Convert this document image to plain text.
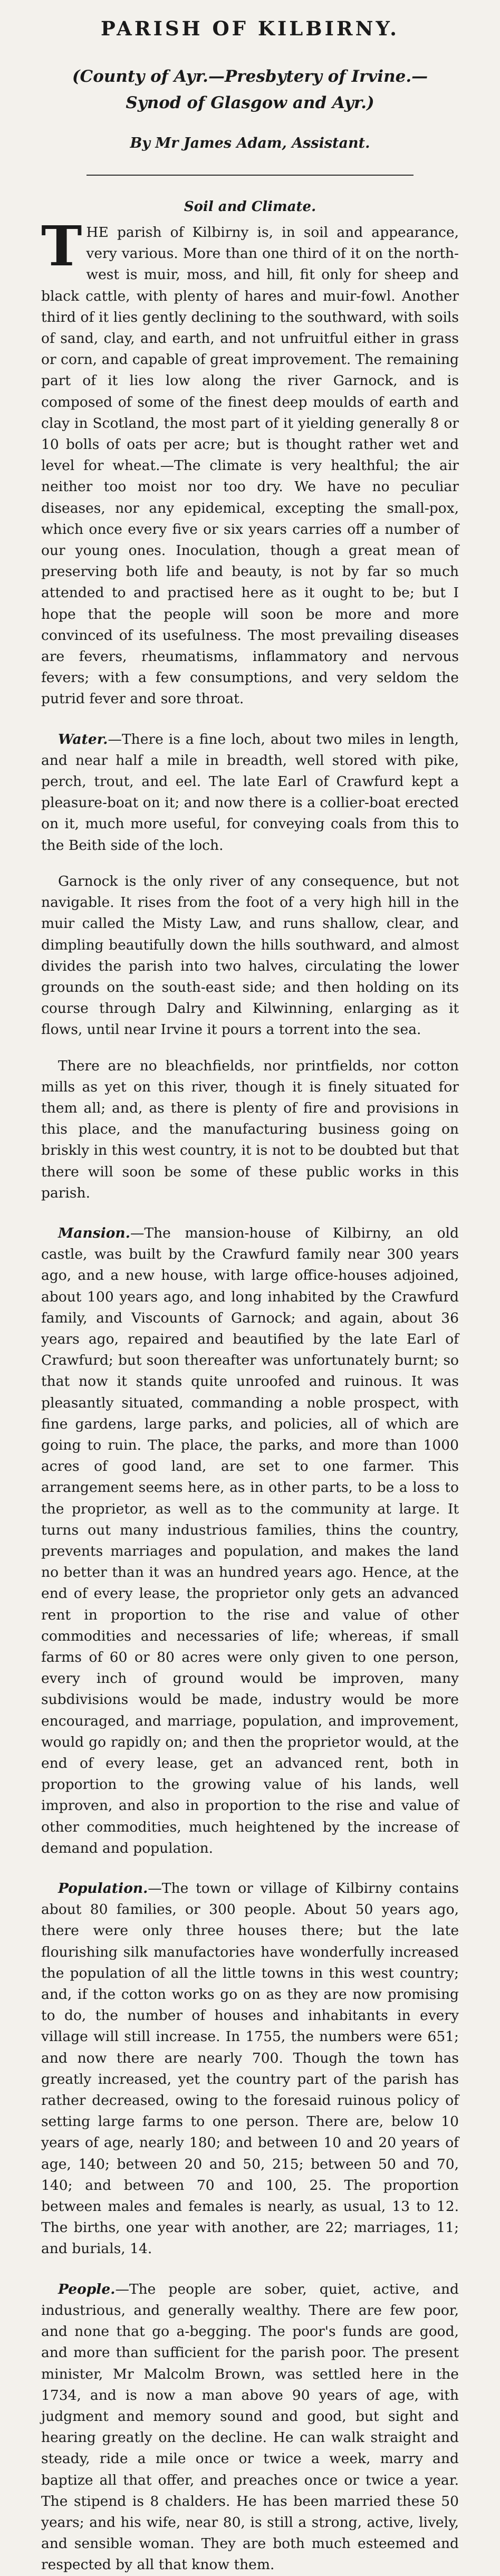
PARISH OF KILBIRNY.
(County of Ayr.—Presbytery of Irvine.—Synod of Glasgow and Ayr.)
By Mr James Adam, Assistant.
Soil and Climate.

THE parish of Kilbirny is, in soil and appearance, very various. More than one third of it on the north-west is muir, moss, and hill, fit only for sheep and black cattle, with plenty of hares and muir-fowl. Another third of it lies gently declining to the southward, with soils of sand, clay, and earth, and not unfruitful either in grass or corn, and capable of great improvement. The remaining part of it lies low along the river Garnock, and is composed of some of the finest deep moulds of earth and clay in Scotland, the most part of it yielding generally 8 or 10 bolls of oats per acre; but is thought rather wet and level for wheat.—The climate is very healthful; the air neither too moist nor too dry. We have no peculiar diseases, nor any epidemical, excepting the small-pox, which once every five or six years carries off a number of our young ones. Inoculation, though a great mean of preserving both life and beauty, is not by far so much attended to and practised here as it ought to be; but I hope that the people will soon be more and more convinced of its usefulness. The most prevailing diseases are fevers, rheumatisms, inflammatory and nervous fevers; with a few consumptions, and very seldom the putrid fever and sore throat.

Water.—There is a fine loch, about two miles in length, and near half a mile in breadth, well stored with pike, perch, trout, and eel. The late Earl of Crawfurd kept a pleasure-boat on it; and now there is a collier-boat erected on it, much more useful, for conveying coals from this to the Beith side of the loch.

Garnock is the only river of any consequence, but not navigable. It rises from the foot of a very high hill in the muir called the Misty Law, and runs shallow, clear, and dimpling beautifully down the hills southward, and almost divides the parish into two halves, circulating the lower grounds on the south-east side; and then holding on its course through Dalry and Kilwinning, enlarging as it flows, until near Irvine it pours a torrent into the sea.

There are no bleachfields, nor printfields, nor cotton mills as yet on this river, though it is finely situated for them all; and, as there is plenty of fire and provisions in this place, and the manufacturing business going on briskly in this west country, it is not to be doubted but that there will soon be some of these public works in this parish.

Mansion.—The mansion-house of Kilbirny, an old castle, was built by the Crawfurd family near 300 years ago, and a new house, with large office-houses adjoined, about 100 years ago, and long inhabited by the Crawfurd family, and Viscounts of Garnock; and again, about 36 years ago, repaired and beautified by the late Earl of Crawfurd; but soon thereafter was unfortunately burnt; so that now it stands quite unroofed and ruinous. It was pleasantly situated, commanding a noble prospect, with fine gardens, large parks, and policies, all of which are going to ruin. The place, the parks, and more than 1000 acres of good land, are set to one farmer. This arrangement seems here, as in other parts, to be a loss to the proprietor, as well as to the community at large. It turns out many industrious families, thins the country, prevents marriages and population, and makes the land no better than it was an hundred years ago. Hence, at the end of every lease, the proprietor only gets an advanced rent in proportion to the rise and value of other commodities and necessaries of life; whereas, if small farms of 60 or 80 acres were only given to one person, every inch of ground would be improven, many subdivisions would be made, industry would be more encouraged, and marriage, population, and improvement, would go rapidly on; and then the proprietor would, at the end of every lease, get an advanced rent, both in proportion to the growing value of his lands, well improven, and also in proportion to the rise and value of other commodities, much heightened by the increase of demand and population.

Population.—The town or village of Kilbirny contains about 80 families, or 300 people. About 50 years ago, there were only three houses there; but the late flourishing silk manufactories have wonderfully increased the population of all the little towns in this west country; and, if the cotton works go on as they are now promising to do, the number of houses and inhabitants in every village will still increase. In 1755, the numbers were 651; and now there are nearly 700. Though the town has greatly increased, yet the country part of the parish has rather decreased, owing to the foresaid ruinous policy of setting large farms to one person. There are, below 10 years of age, nearly 180; and between 10 and 20 years of age, 140; between 20 and 50, 215; between 50 and 70, 140; and between 70 and 100, 25. The proportion between males and females is nearly, as usual, 13 to 12. The births, one year with another, are 22; marriages, 11; and burials, 14.

People.—The people are sober, quiet, active, and industrious, and generally wealthy. There are few poor, and none that go a-begging. The poor's funds are good, and more than sufficient for the parish poor. The present minister, Mr Malcolm Brown, was settled here in the 1734, and is now a man above 90 years of age, with judgment and memory sound and good, but sight and hearing greatly on the decline. He can walk straight and steady, ride a mile once or twice a week, marry and baptize all that offer, and preaches once or twice a year. The stipend is 8 chalders. He has been married these 50 years; and his wife, near 80, is still a strong, active, lively, and sensible woman. They are both much esteemed and respected by all that know them.
